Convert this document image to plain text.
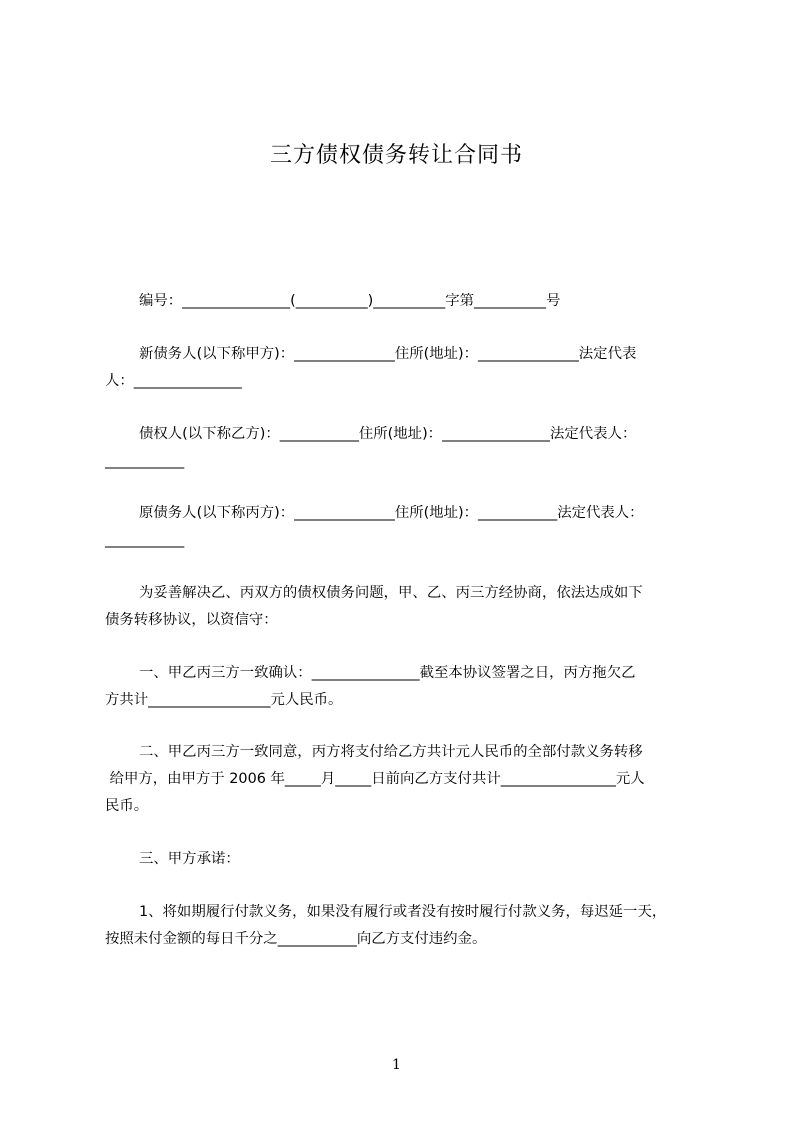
三方债权债务转让合同书
编号：_______________(__________)__________字第__________号
新债务人(以下称甲方)：______________住所(地址)：______________法定代表
人：_______________
债权人(以下称乙方)：___________住所(地址)：_______________法定代表人：
___________
原债务人(以下称丙方)：______________住所(地址)：___________法定代表人：
___________
为妥善解决乙、丙双方的债权债务问题，甲、乙、丙三方经协商，依法达成如下
债务转移协议，以资信守：
一、甲乙丙三方一致确认：_______________截至本协议签署之日，丙方拖欠乙
方共计_________________元人民币。
二、甲乙丙三方一致同意，丙方将支付给乙方共计元人民币的全部付款义务转移
给甲方，由甲方于 2006 年_____月_____日前向乙方支付共计________________元人
民币。
三、甲方承诺：
1、将如期履行付款义务，如果没有履行或者没有按时履行付款义务，每迟延一天，
按照未付金额的每日千分之___________向乙方支付违约金。
1
